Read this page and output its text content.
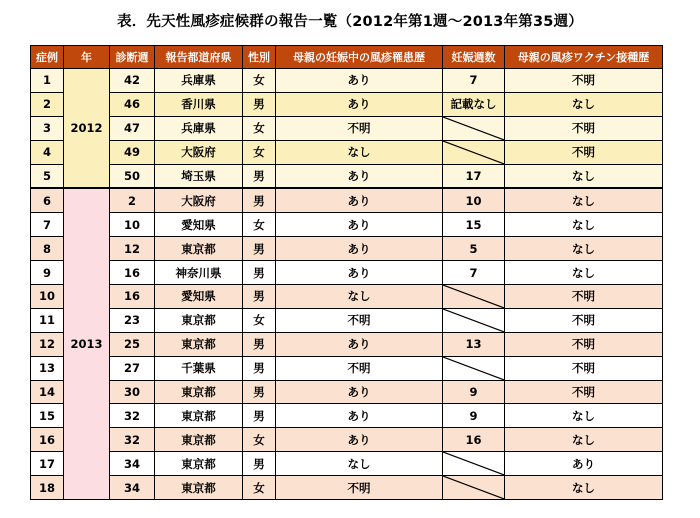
表．先天性風疹症候群の報告一覧（2012年第1週〜2013年第35週）
症例	年	診断週	報告都道府県	性別	母親の妊娠中の風疹罹患歴	妊娠週数	母親の風疹ワクチン接種歴
1	2012	42	兵庫県	女	あり	7	不明
2		46	香川県	男	あり	記載なし	なし
3		47	兵庫県	女	不明		不明
4		49	大阪府	女	なし		不明
5		50	埼玉県	男	あり	17	なし
6	2013	2	大阪府	男	あり	10	なし
7		10	愛知県	女	あり	15	なし
8		12	東京都	男	あり	5	なし
9		16	神奈川県	男	あり	7	なし
10		16	愛知県	男	なし		不明
11		23	東京都	女	不明		不明
12		25	東京都	男	あり	13	不明
13		27	千葉県	男	不明		不明
14		30	東京都	男	あり	9	不明
15		32	東京都	男	あり	9	なし
16		32	東京都	女	あり	16	なし
17		34	東京都	男	なし		あり
18		34	東京都	女	不明		なし
